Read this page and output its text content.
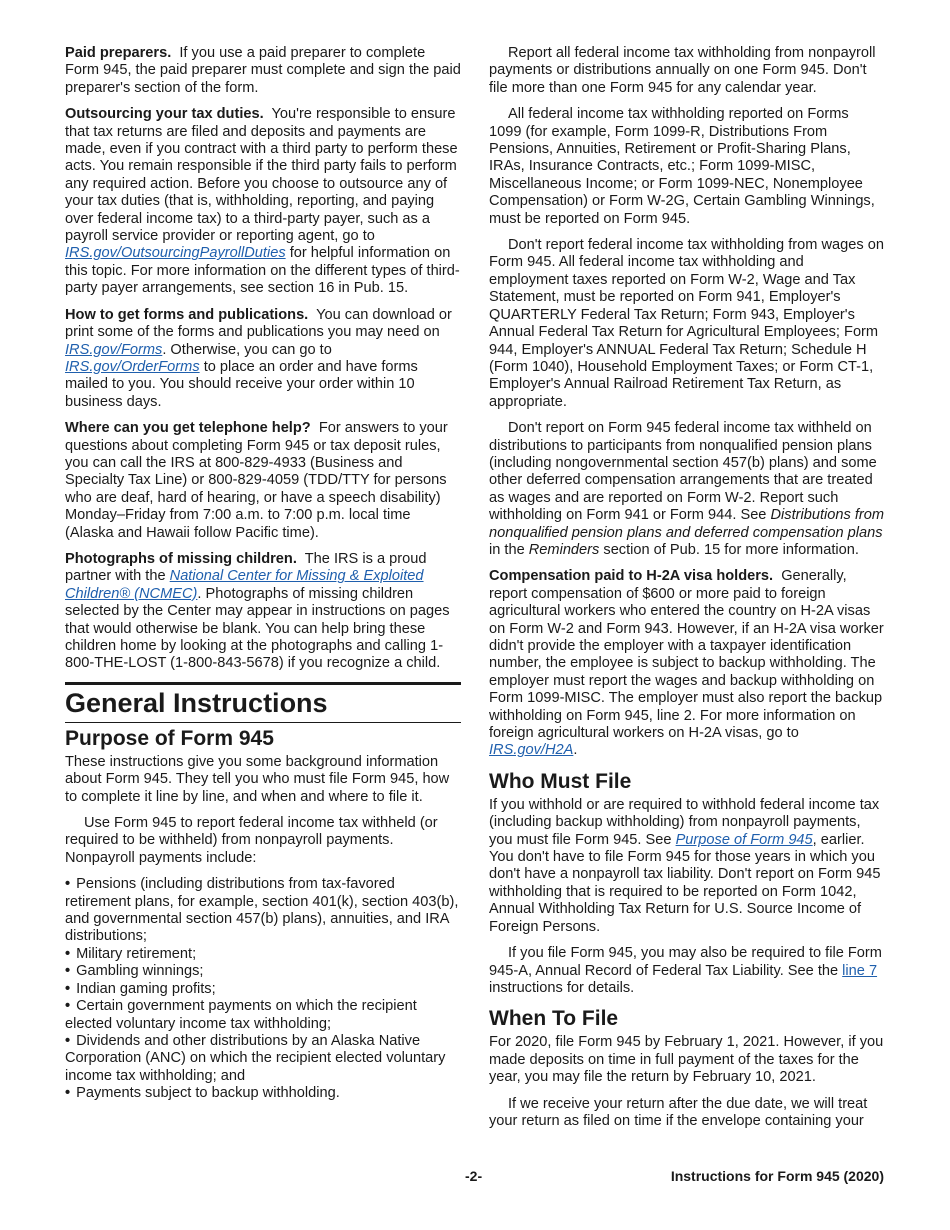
Paid preparers. If you use a paid preparer to complete Form 945, the paid preparer must complete and sign the paid preparer's section of the form.

Outsourcing your tax duties. You're responsible to ensure that tax returns are filed and deposits and payments are made, even if you contract with a third party to perform these acts. You remain responsible if the third party fails to perform any required action. Before you choose to outsource any of your tax duties (that is, withholding, reporting, and paying over federal income tax) to a third-party payer, such as a payroll service provider or reporting agent, go to IRS.gov/OutsourcingPayrollDuties for helpful information on this topic. For more information on the different types of third-party payer arrangements, see section 16 in Pub. 15.

How to get forms and publications. You can download or print some of the forms and publications you may need on IRS.gov/Forms. Otherwise, you can go to IRS.gov/OrderForms to place an order and have forms mailed to you. You should receive your order within 10 business days.

Where can you get telephone help? For answers to your questions about completing Form 945 or tax deposit rules, you can call the IRS at 800-829-4933 (Business and Specialty Tax Line) or 800-829-4059 (TDD/TTY for persons who are deaf, hard of hearing, or have a speech disability) Monday–Friday from 7:00 a.m. to 7:00 p.m. local time (Alaska and Hawaii follow Pacific time).

Photographs of missing children. The IRS is a proud partner with the National Center for Missing & Exploited Children® (NCMEC). Photographs of missing children selected by the Center may appear in instructions on pages that would otherwise be blank. You can help bring these children home by looking at the photographs and calling 1-800-THE-LOST (1-800-843-5678) if you recognize a child.

General Instructions
Purpose of Form 945

These instructions give you some background information about Form 945. They tell you who must file Form 945, how to complete it line by line, and when and where to file it.

Use Form 945 to report federal income tax withheld (or required to be withheld) from nonpayroll payments. Nonpayroll payments include:

• Pensions (including distributions from tax-favored retirement plans, for example, section 401(k), section 403(b), and governmental section 457(b) plans), annuities, and IRA distributions;
• Military retirement;
• Gambling winnings;
• Indian gaming profits;
• Certain government payments on which the recipient elected voluntary income tax withholding;
• Dividends and other distributions by an Alaska Native Corporation (ANC) on which the recipient elected voluntary income tax withholding; and
• Payments subject to backup withholding.

Report all federal income tax withholding from nonpayroll payments or distributions annually on one Form 945. Don't file more than one Form 945 for any calendar year.

All federal income tax withholding reported on Forms 1099 (for example, Form 1099-R, Distributions From Pensions, Annuities, Retirement or Profit-Sharing Plans, IRAs, Insurance Contracts, etc.; Form 1099-MISC, Miscellaneous Income; or Form 1099-NEC, Nonemployee Compensation) or Form W-2G, Certain Gambling Winnings, must be reported on Form 945.

Don't report federal income tax withholding from wages on Form 945. All federal income tax withholding and employment taxes reported on Form W-2, Wage and Tax Statement, must be reported on Form 941, Employer's QUARTERLY Federal Tax Return; Form 943, Employer's Annual Federal Tax Return for Agricultural Employees; Form 944, Employer's ANNUAL Federal Tax Return; Schedule H (Form 1040), Household Employment Taxes; or Form CT-1, Employer's Annual Railroad Retirement Tax Return, as appropriate.

Don't report on Form 945 federal income tax withheld on distributions to participants from nonqualified pension plans (including nongovernmental section 457(b) plans) and some other deferred compensation arrangements that are treated as wages and are reported on Form W-2. Report such withholding on Form 941 or Form 944. See Distributions from nonqualified pension plans and deferred compensation plans in the Reminders section of Pub. 15 for more information.

Compensation paid to H-2A visa holders. Generally, report compensation of $600 or more paid to foreign agricultural workers who entered the country on H-2A visas on Form W-2 and Form 943. However, if an H-2A visa worker didn't provide the employer with a taxpayer identification number, the employee is subject to backup withholding. The employer must report the wages and backup withholding on Form 1099-MISC. The employer must also report the backup withholding on Form 945, line 2. For more information on foreign agricultural workers on H-2A visas, go to IRS.gov/H2A.

Who Must File

If you withhold or are required to withhold federal income tax (including backup withholding) from nonpayroll payments, you must file Form 945. See Purpose of Form 945, earlier. You don't have to file Form 945 for those years in which you don't have a nonpayroll tax liability. Don't report on Form 945 withholding that is required to be reported on Form 1042, Annual Withholding Tax Return for U.S. Source Income of Foreign Persons.

If you file Form 945, you may also be required to file Form 945-A, Annual Record of Federal Tax Liability. See the line 7 instructions for details.

When To File

For 2020, file Form 945 by February 1, 2021. However, if you made deposits on time in full payment of the taxes for the year, you may file the return by February 10, 2021.

If we receive your return after the due date, we will treat your return as filed on time if the envelope containing your

-2-	Instructions for Form 945 (2020)
